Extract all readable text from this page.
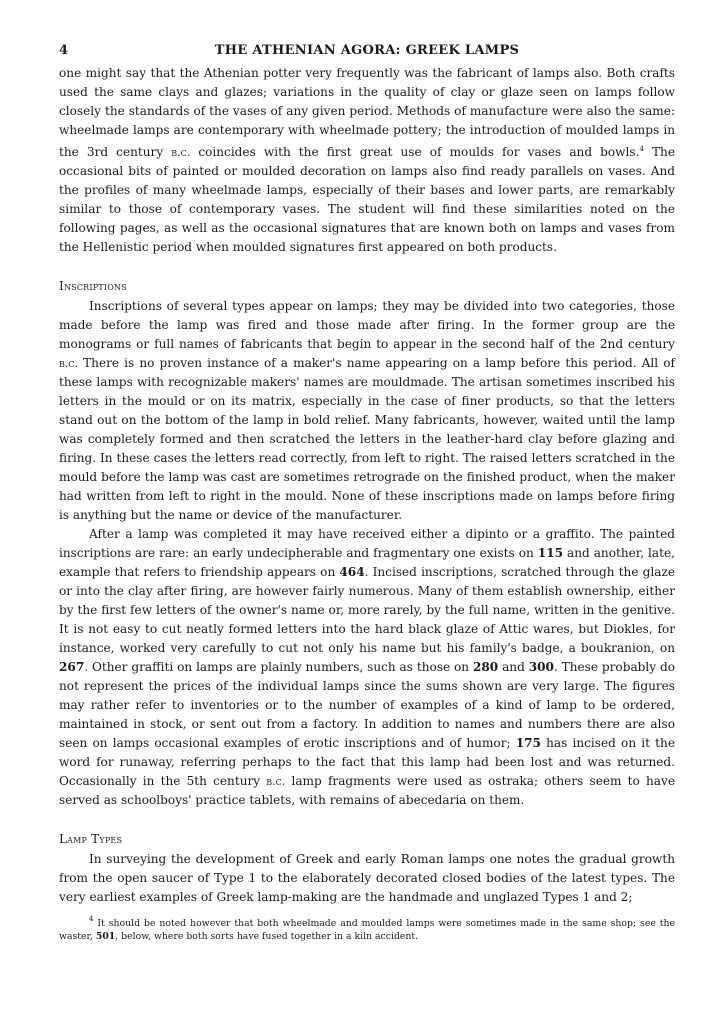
4	THE ATHENIAN AGORA: GREEK LAMPS

one might say that the Athenian potter very frequently was the fabricant of lamps also. Both crafts used the same clays and glazes; variations in the quality of clay or glaze seen on lamps follow closely the standards of the vases of any given period. Methods of manufacture were also the same: wheelmade lamps are contemporary with wheelmade pottery; the introduction of moulded lamps in the 3rd century b.c. coincides with the first great use of moulds for vases and bowls.$^4$ The occasional bits of painted or moulded decoration on lamps also find ready parallels on vases. And the profiles of many wheelmade lamps, especially of their bases and lower parts, are remarkably similar to those of contemporary vases. The student will find these similarities noted on the following pages, as well as the occasional signatures that are known both on lamps and vases from the Hellenistic period when moulded signatures first appeared on both products.

Inscriptions

Inscriptions of several types appear on lamps; they may be divided into two categories, those made before the lamp was fired and those made after firing. In the former group are the monograms or full names of fabricants that begin to appear in the second half of the 2nd century b.c. There is no proven instance of a maker's name appearing on a lamp before this period. All of these lamps with recognizable makers' names are mouldmade. The artisan sometimes inscribed his letters in the mould or on its matrix, especially in the case of finer products, so that the letters stand out on the bottom of the lamp in bold relief. Many fabricants, however, waited until the lamp was completely formed and then scratched the letters in the leather-hard clay before glazing and firing. In these cases the letters read correctly, from left to right. The raised letters scratched in the mould before the lamp was cast are sometimes retrograde on the finished product, when the maker had written from left to right in the mould. None of these inscriptions made on lamps before firing is anything but the name or device of the manufacturer.

After a lamp was completed it may have received either a dipinto or a graffito. The painted inscriptions are rare: an early undecipherable and fragmentary one exists on 115 and another, late, example that refers to friendship appears on 464. Incised inscriptions, scratched through the glaze or into the clay after firing, are however fairly numerous. Many of them establish ownership, either by the first few letters of the owner's name or, more rarely, by the full name, written in the genitive. It is not easy to cut neatly formed letters into the hard black glaze of Attic wares, but Diokles, for instance, worked very carefully to cut not only his name but his family's badge, a boukranion, on 267. Other graffiti on lamps are plainly numbers, such as those on 280 and 300. These probably do not represent the prices of the individual lamps since the sums shown are very large. The figures may rather refer to inventories or to the number of examples of a kind of lamp to be ordered, maintained in stock, or sent out from a factory. In addition to names and numbers there are also seen on lamps occasional examples of erotic inscriptions and of humor; 175 has incised on it the word for runaway, referring perhaps to the fact that this lamp had been lost and was returned. Occasionally in the 5th century b.c. lamp fragments were used as ostraka; others seem to have served as schoolboys' practice tablets, with remains of abecedaria on them.

Lamp Types

In surveying the development of Greek and early Roman lamps one notes the gradual growth from the open saucer of Type 1 to the elaborately decorated closed bodies of the latest types. The very earliest examples of Greek lamp-making are the handmade and unglazed Types 1 and 2;

$^4$ It should be noted however that both wheelmade and moulded lamps were sometimes made in the same shop; see the waster, 501, below, where both sorts have fused together in a kiln accident.
